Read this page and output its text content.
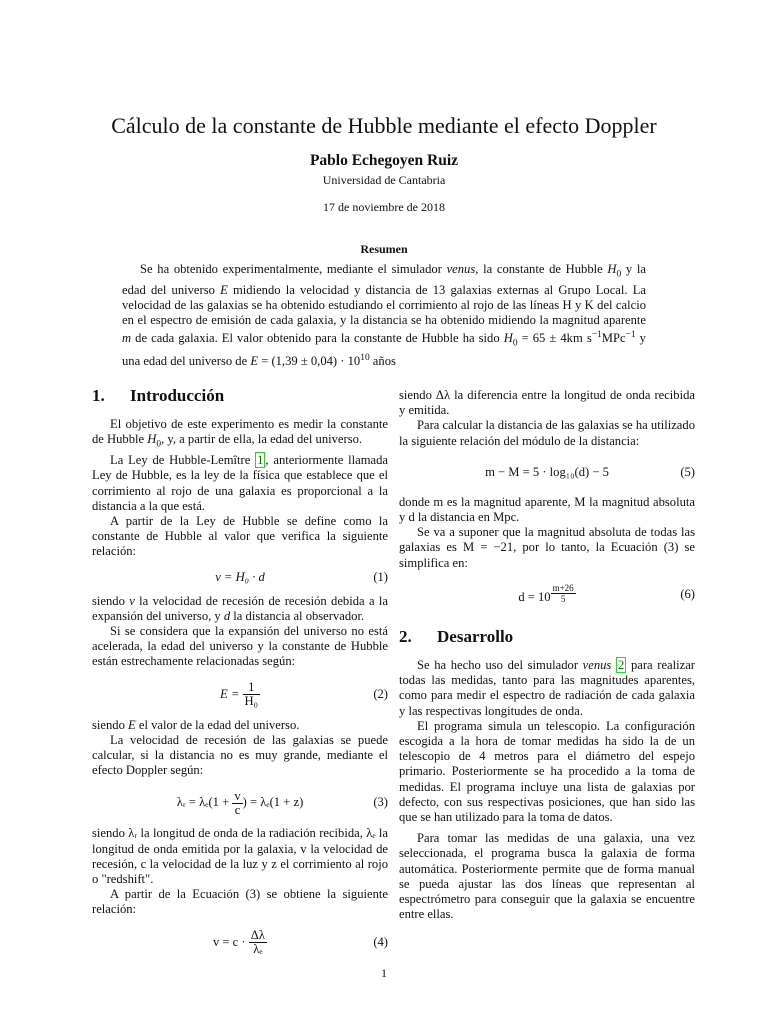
Cálculo de la constante de Hubble mediante el efecto Doppler
Pablo Echegoyen Ruiz
Universidad de Cantabria
17 de noviembre de 2018
Resumen

Se ha obtenido experimentalmente, mediante el simulador venus, la constante de Hubble $H_0$ y la edad del universo E midiendo la velocidad y distancia de 13 galaxias externas al Grupo Local. La velocidad de las galaxias se ha obtenido estudiando el corrimiento al rojo de las líneas H y K del calcio en el espectro de emisión de cada galaxia, y la distancia se ha obtenido midiendo la magnitud aparente m de cada galaxia. El valor obtenido para la constante de Hubble ha sido $H_0 = 65 \pm 4km$ $s^{-1}MPc^{-1}$ y una edad del universo de $E = (1,39 \pm 0,04) \cdot 10^{10}$ años

1. Introducción

El objetivo de este experimento es medir la constante de Hubble $H_0$, y, a partir de ella, la edad del universo.

La Ley de Hubble-Lemître 1 , anteriormente llamada Ley de Hubble, es la ley de la física que establece que el corrimiento al rojo de una galaxia es proporcional a la distancia a la que está.

A partir de la Ley de Hubble se define como la constante de Hubble al valor que verifica la siguiente relación:

v = H₀ · d	(1)

siendo v la velocidad de recesión de recesión debida a la expansión del universo, y d la distancia al observador.

Si se considera que la expansión del universo no está acelerada, la edad del universo y la constante de Hubble están estrechamente relacionadas según:

$E = \frac{1}{\text{H₀}}$	(2)

siendo E el valor de la edad del universo.

La velocidad de recesión de las galaxias se puede calcular, si la distancia no es muy grande, mediante el efecto Doppler según:

λᵣ = $\lambda_e(1 + \frac{v}{c}$ ) = λₑ(1 + z)	(3)

siendo λᵣ la longitud de onda de la radiación recibida, λₑ la longitud de onda emitida por la galaxia, v la velocidad de recesión, c la velocidad de la luz y z el corrimiento al rojo o "redshift".

A partir de la Ecuación (3) se obtiene la siguiente relación:

$v = c \cdot \frac{\Delta\lambda}{\text{λₑ}}$	(4)

siendo Δλ la diferencia entre la longitud de onda recibida y emitida.

Para calcular la distancia de las galaxias se ha utilizado la siguiente relación del módulo de la distancia:

m − M = 5 · log₁₀(d) − 5	(5)

donde m es la magnitud aparente, M la magnitud absoluta y d la distancia en Mpc.

Se va a suponer que la magnitud absoluta de todas las galaxias es M = −21, por lo tanto, la Ecuación (3) se simplifica en:

d = 10 $^{\frac{m+26}{5}}$	(6)
2. Desarrollo

Se ha hecho uso del simulador venus 2 para realizar todas las medidas, tanto para las magnitudes aparentes, como para medir el espectro de radiación de cada galaxia y las respectivas longitudes de onda.

El programa simula un telescopio. La configuración escogida a la hora de tomar medidas ha sido la de un telescopio de 4 metros para el diámetro del espejo primario. Posteriormente se ha procedido a la toma de medidas. El programa incluye una lista de galaxias por defecto, con sus respectivas posiciones, que han sido las que se han utilizado para la toma de datos.

Para tomar las medidas de una galaxia, una vez seleccionada, el programa busca la galaxia de forma automática. Posteriormente permite que de forma manual se pueda ajustar las dos líneas que representan al espectrómetro para conseguir que la galaxia se encuentre entre ellas.

1
